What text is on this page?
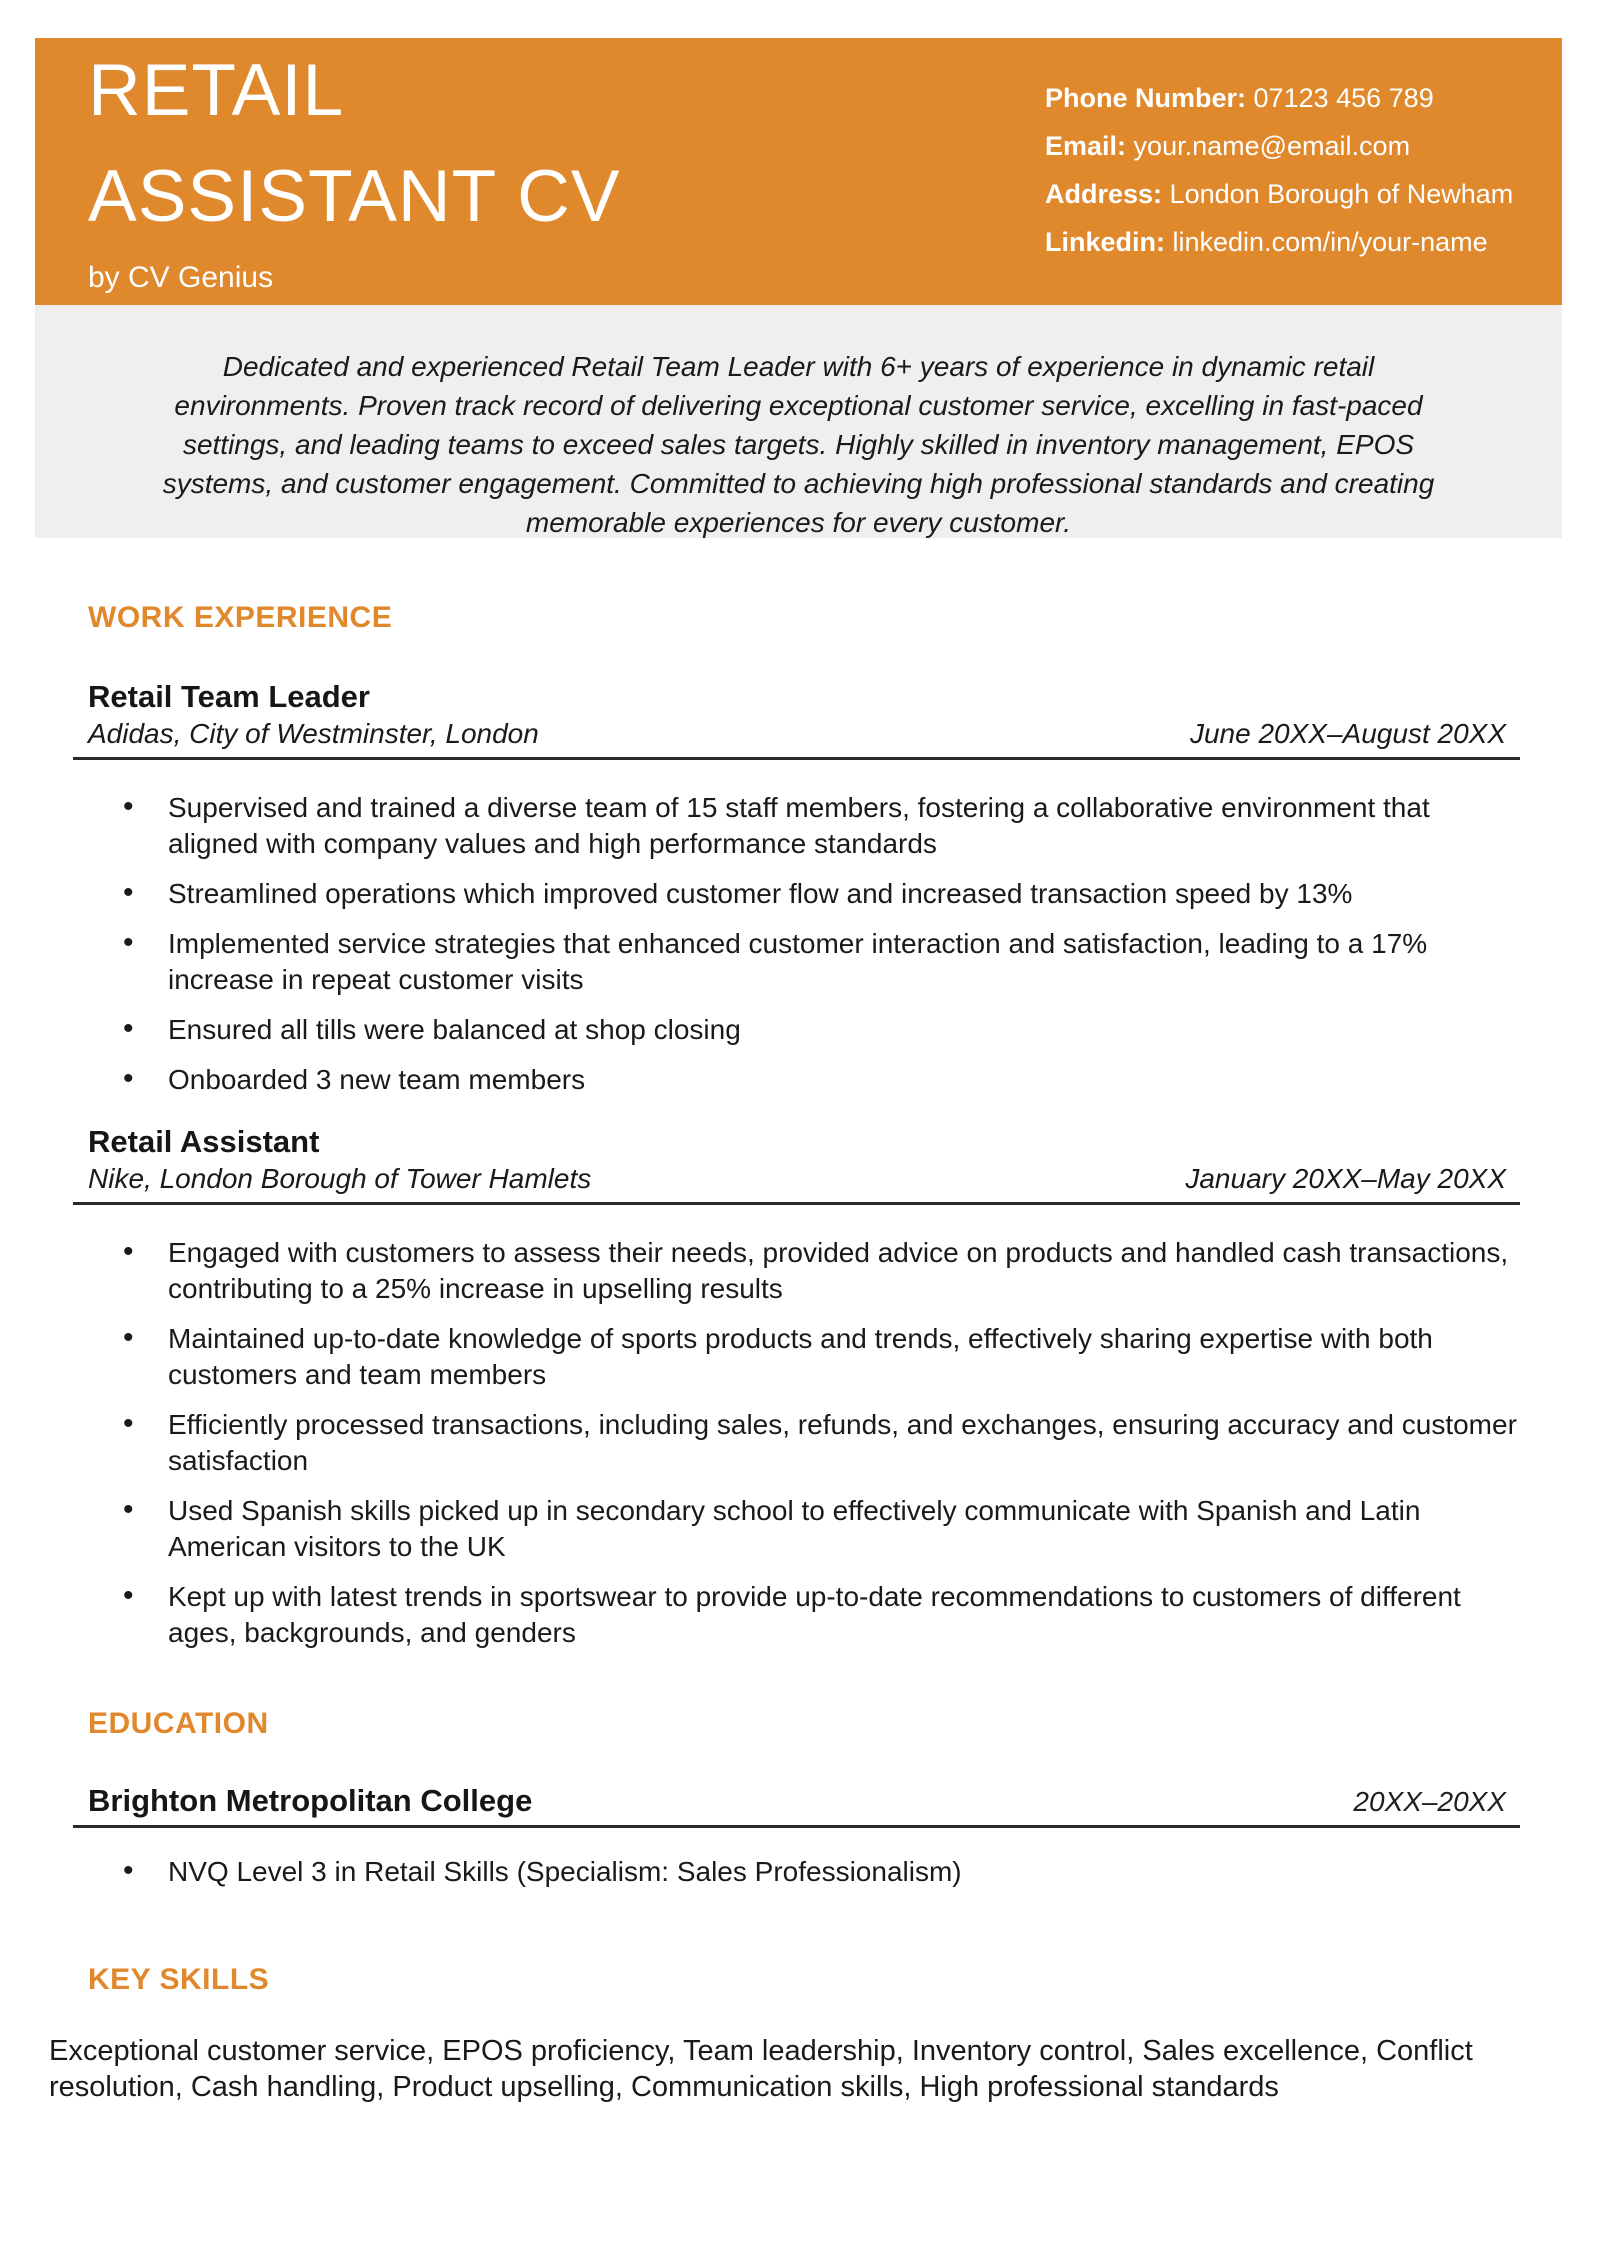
RETAIL
ASSISTANT CV
by CV Genius
Phone Number: 07123 456 789
Email: your.name@email.com
Address: London Borough of Newham
Linkedin: linkedin.com/in/your-name
Dedicated and experienced Retail Team Leader with 6+ years of experience in dynamic retail environments. Proven track record of delivering exceptional customer service, excelling in fast-paced settings, and leading teams to exceed sales targets. Highly skilled in inventory management, EPOS systems, and customer engagement. Committed to achieving high professional standards and creating memorable experiences for every customer.
WORK EXPERIENCE
Retail Team Leader
Adidas, City of Westminster, London	June 20XX–August 20XX
• Supervised and trained a diverse team of 15 staff members, fostering a collaborative environment that aligned with company values and high performance standards
• Streamlined operations which improved customer flow and increased transaction speed by 13%
• Implemented service strategies that enhanced customer interaction and satisfaction, leading to a 17% increase in repeat customer visits
• Ensured all tills were balanced at shop closing
• Onboarded 3 new team members
Retail Assistant
Nike, London Borough of Tower Hamlets	January 20XX–May 20XX
• Engaged with customers to assess their needs, provided advice on products and handled cash transactions, contributing to a 25% increase in upselling results
• Maintained up-to-date knowledge of sports products and trends, effectively sharing expertise with both customers and team members
• Efficiently processed transactions, including sales, refunds, and exchanges, ensuring accuracy and customer satisfaction
• Used Spanish skills picked up in secondary school to effectively communicate with Spanish and Latin American visitors to the UK
• Kept up with latest trends in sportswear to provide up-to-date recommendations to customers of different ages, backgrounds, and genders
EDUCATION
Brighton Metropolitan College	20XX–20XX
• NVQ Level 3 in Retail Skills (Specialism: Sales Professionalism)
KEY SKILLS
Exceptional customer service, EPOS proficiency, Team leadership, Inventory control, Sales excellence, Conflict resolution, Cash handling, Product upselling, Communication skills, High professional standards
